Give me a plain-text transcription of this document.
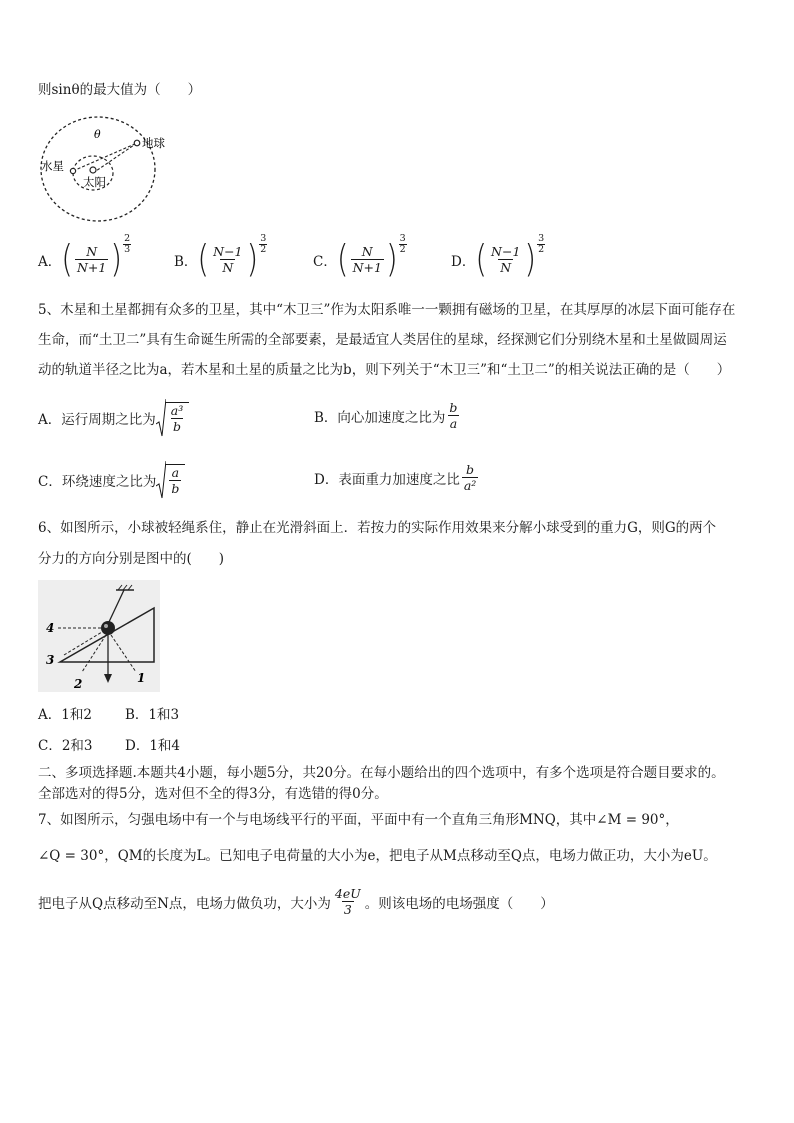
则sinθ的最大值为（　　）
θ
地球
水星
太阳
A． ( $\frac{N}{N+1}$ ) 2
3
B． ( $\frac{N-1}{N}$ ) 3
2
C． ( $\frac{N}{N+1}$ ) 3
2
D． ( $\frac{N-1}{N}$ ) 3
2
5、木星和土星都拥有众多的卫星，其中“木卫三”作为太阳系唯一一颗拥有磁场的卫星，在其厚厚的冰层下面可能存在
生命，而“土卫二”具有生命诞生所需的全部要素，是最适宜人类居住的星球，经探测它们分别绕木星和土星做圆周运
动的轨道半径之比为a，若木星和土星的质量之比为b，则下列关于“木卫三”和“土卫二”的相关说法正确的是（　　）
A．运行周期之比为 $\frac{\text{a³}}{b}$	B．向心加速度之比为 $\frac{b}{a}$
C．环绕速度之比为 $\frac{a}{b}$	D．表面重力加速度之比 $\frac{b}{\text{a²}}$
6、如图所示，小球被轻绳系住，静止在光滑斜面上．若按力的实际作用效果来分解小球受到的重力G，则G的两个
分力的方向分别是图中的(　　)
4
3
2	1
A．1和2 B．1和3
C．2和3 D．1和4
二、多项选择题.本题共4小题，每小题5分，共20分。在每小题给出的四个选项中，有多个选项是符合题目要求的。
全部选对的得5分，选对但不全的得3分，有选错的得0分。
7、如图所示，匀强电场中有一个与电场线平行的平面，平面中有一个直角三角形MNQ，其中∠M = 90°，
∠Q = 30°，QM的长度为L。已知电子电荷量的大小为e，把电子从M点移动至Q点，电场力做正功，大小为eU。
把电子从Q点移动至N点，电场力做负功，大小为 $\frac{4eU}{3}$ 。则该电场的电场强度（　　）
